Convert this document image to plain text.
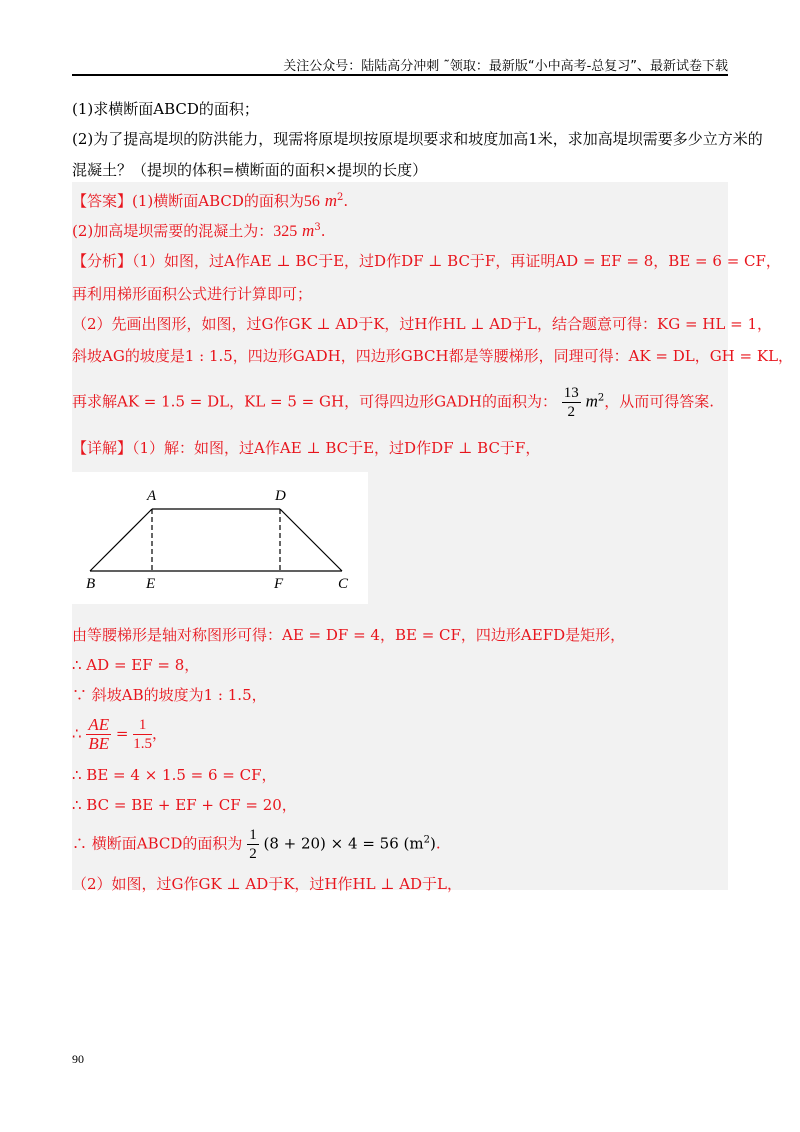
关注公众号：陆陆高分冲刺 ˜领取：最新版“小中高考-总复习”、最新试卷下载
(1)求横断面ABCD的面积；
(2)为了提高堤坝的防洪能力，现需将原堤坝按原堤坝要求和坡度加高1米，求加高堤坝需要多少立方米的
混凝土？（提坝的体积=横断面的面积×提坝的长度）
【答案】(1)横断面ABCD的面积为56 $m^2$.
(2)加高堤坝需要的混凝土为：325 $m^3$.
【分析】（1）如图，过A作AE ⊥ BC于E，过D作DF ⊥ BC于F，再证明AD = EF = 8，BE = 6 = CF，
再利用梯形面积公式进行计算即可；
（2）先画出图形，如图，过G作GK ⊥ AD于K，过H作HL ⊥ AD于L，结合题意可得：KG = HL = 1，
斜坡AG的坡度是1 : 1.5，四边形GADH，四边形GBCH都是等腰梯形，同理可得：AK = DL，GH = KL，
再求解AK = 1.5 = DL，KL = 5 = GH，可得四边形GADH的面积为： $\frac{13}{2} m^2$，从而可得答案.
【详解】（1）解：如图，过A作AE ⊥ BC于E，过D作DF ⊥ BC于F，
A	D
B	E	F	C
由等腰梯形是轴对称图形可得：AE = DF = 4，BE = CF，四边形AEFD是矩形，
∴ AD = EF = 8，
∵ 斜坡AB的坡度为1 : 1.5，
∴ $\frac{AE}{BE} = \frac{1}{1.5}$ ，
∴ BE = 4 × 1.5 = 6 = CF，
∴ BC = BE + EF + CF = 20，
∴ 横断面ABCD的面积为 $\frac{1}{2} (8 + 20) \times 4 = 56$ $(m^2)$.
（2）如图，过G作GK ⊥ AD于K，过H作HL ⊥ AD于L，
90
